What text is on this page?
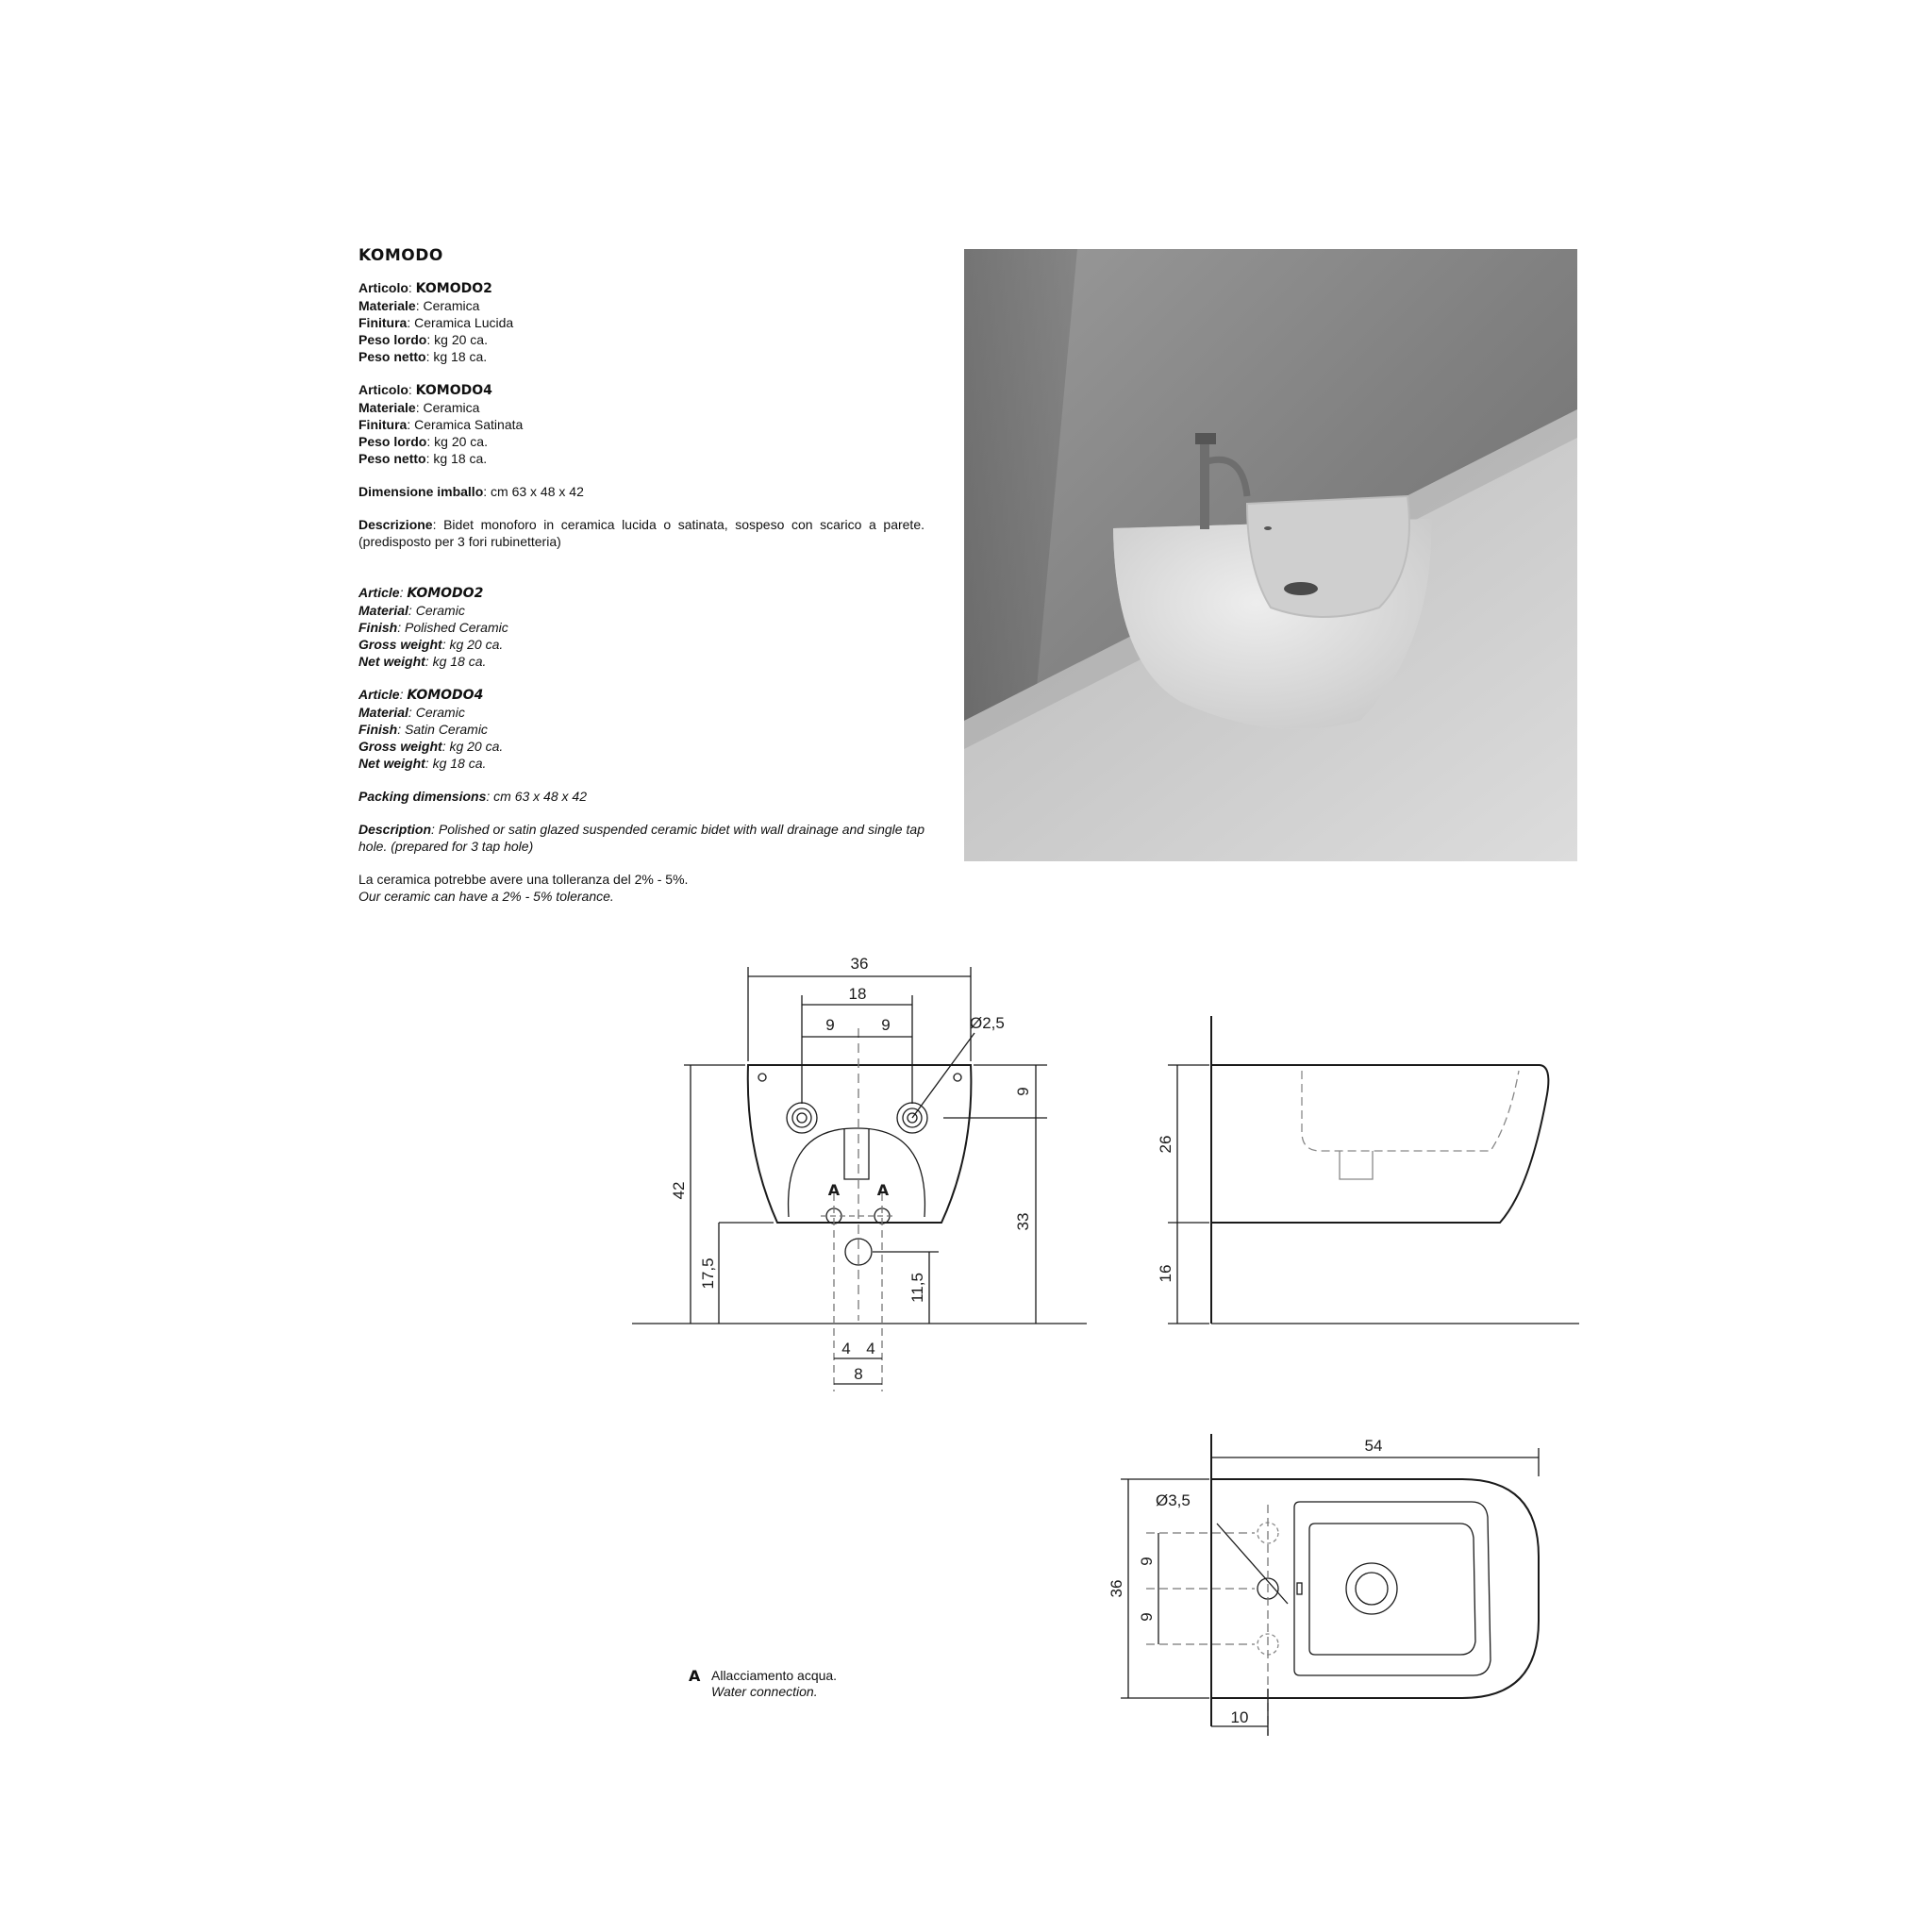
KOMODO
Articolo: KOMODO2
Materiale: Ceramica
Finitura: Ceramica Lucida
Peso lordo: kg 20 ca.
Peso netto: kg 18 ca.
Articolo: KOMODO4
Materiale: Ceramica
Finitura: Ceramica Satinata
Peso lordo: kg 20 ca.
Peso netto: kg 18 ca.
Dimensione imballo: cm 63 x 48 x 42
Descrizione: Bidet monoforo in ceramica lucida o satinata, sospeso con scarico a parete.(predisposto per 3 fori rubinetteria)
Article: KOMODO2
Material: Ceramic
Finish: Polished Ceramic
Gross weight: kg 20 ca.
Net weight: kg 18 ca.
Article: KOMODO4
Material: Ceramic
Finish: Satin Ceramic
Gross weight: kg 20 ca.
Net weight: kg 18 ca.
Packing dimensions: cm 63 x 48 x 42
Description: Polished or satin glazed suspended ceramic bidet with wall drainage and single tap hole. (prepared for 3 tap hole)
La ceramica potrebbe avere una tolleranza del 2% - 5%.
Our ceramic can have a 2% - 5% tolerance.
36
18
9	9	Ø2,5
42
17,5
9
33
11,5
4 4
8
A A
26
16
54
36
Ø3,5
9
9
10
A Allacciamento acqua.
Water connection.
